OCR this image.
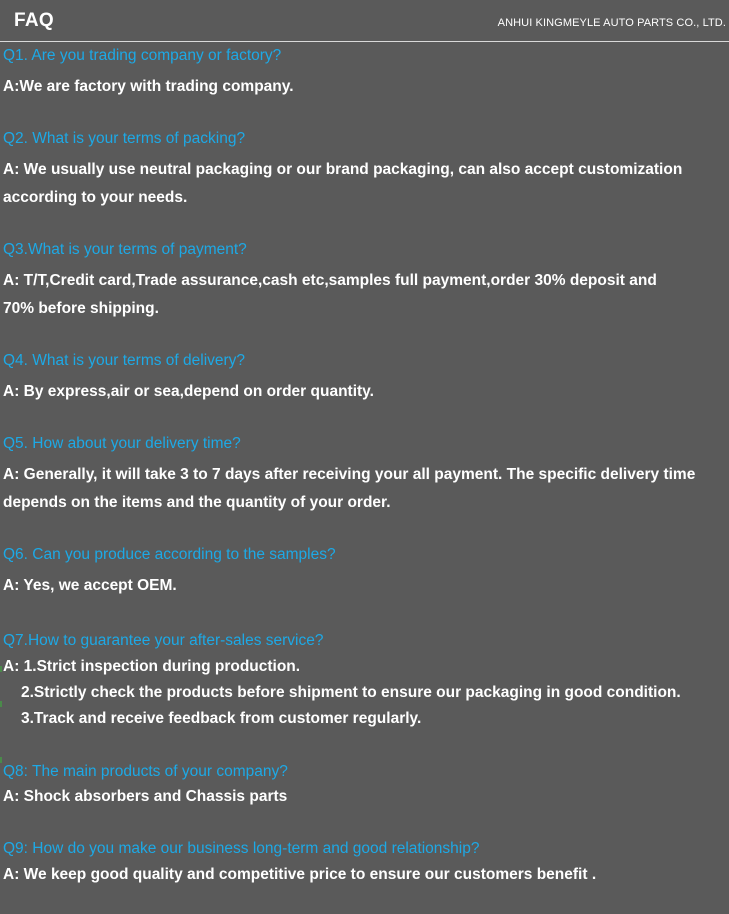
FAQ	ANHUI KINGMEYLE AUTO PARTS CO., LTD.
Q1. Are you trading company or factory?
A:We are factory with trading company.
Q2. What is your terms of packing?
A: We usually use neutral packaging or our brand packaging, can also accept customization
according to your needs.
Q3.What is your terms of payment?
A: T/T,Credit card,Trade assurance,cash etc,samples full payment,order 30% deposit and
70% before shipping.
Q4. What is your terms of delivery?
A: By express,air or sea,depend on order quantity.
Q5. How about your delivery time?
A: Generally, it will take 3 to 7 days after receiving your all payment. The specific delivery time
depends on the items and the quantity of your order.
Q6. Can you produce according to the samples?
A: Yes, we accept OEM.
Q7.How to guarantee your after-sales service?
A: 1.Strict inspection during production.
2.Strictly check the products before shipment to ensure our packaging in good condition.
3.Track and receive feedback from customer regularly.
Q8: The main products of your company?
A: Shock absorbers and Chassis parts
Q9: How do you make our business long-term and good relationship?
A: We keep good quality and competitive price to ensure our customers benefit .
